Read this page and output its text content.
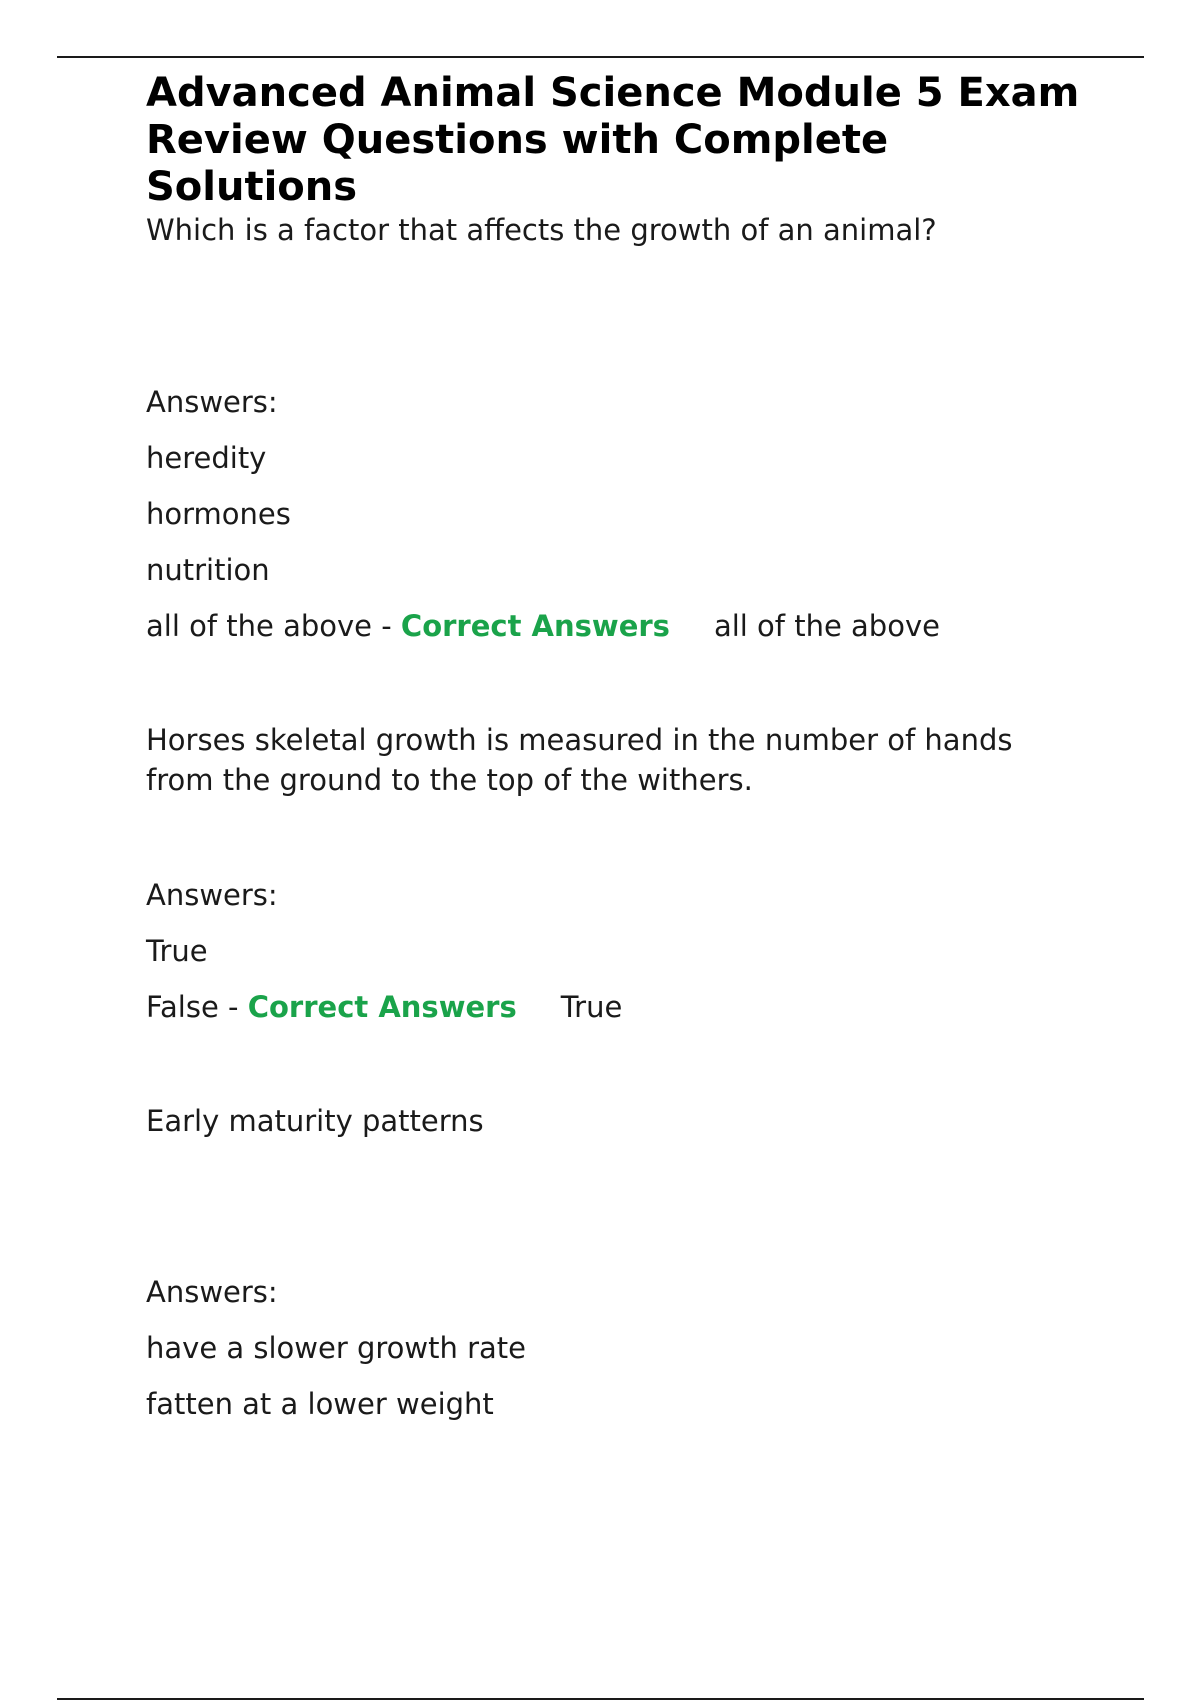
Advanced Animal Science Module 5 Exam Review Questions with Complete Solutions

Which is a factor that affects the growth of an animal?

Answers:

heredity

hormones

nutrition

all of the above - Correct Answers all of the above

Horses skeletal growth is measured in the number of hands from the ground to the top of the withers.

Answers:

True

False - Correct Answers True

Early maturity patterns

Answers:

have a slower growth rate

fatten at a lower weight
